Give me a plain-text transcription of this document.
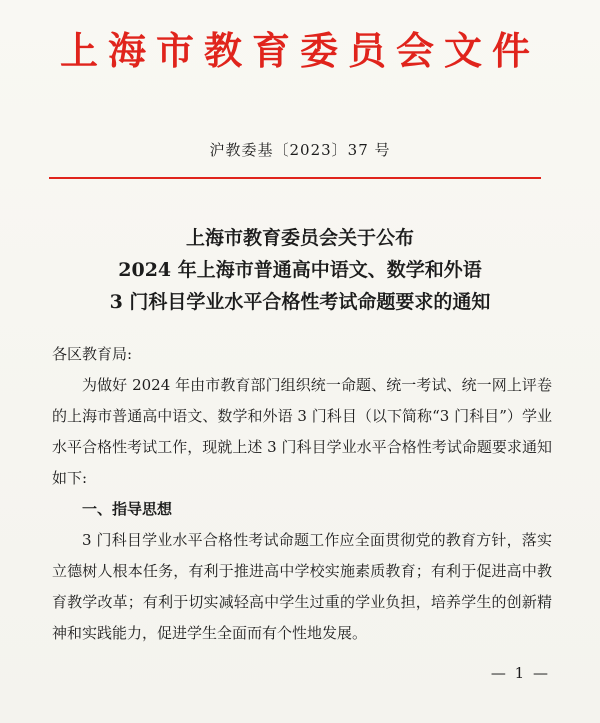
上海市教育委员会文件
沪教委基〔2023〕37 号
上海市教育委员会关于公布
2024 年上海市普通高中语文、数学和外语
3 门科目学业水平合格性考试命题要求的通知

各区教育局:

为做好 2024 年由市教育部门组织统一命题、统一考试、统一网上评卷的上海市普通高中语文、数学和外语 3 门科目（以下简称“3 门科目”）学业水平合格性考试工作，现就上述 3 门科目学业水平合格性考试命题要求通知如下:

一、指导思想

3 门科目学业水平合格性考试命题工作应全面贯彻党的教育方针，落实立德树人根本任务，有利于推进高中学校实施素质教育；有利于促进高中教育教学改革；有利于切实减轻高中学生过重的学业负担，培养学生的创新精神和实践能力，促进学生全面而有个性地发展。

— 1 —
